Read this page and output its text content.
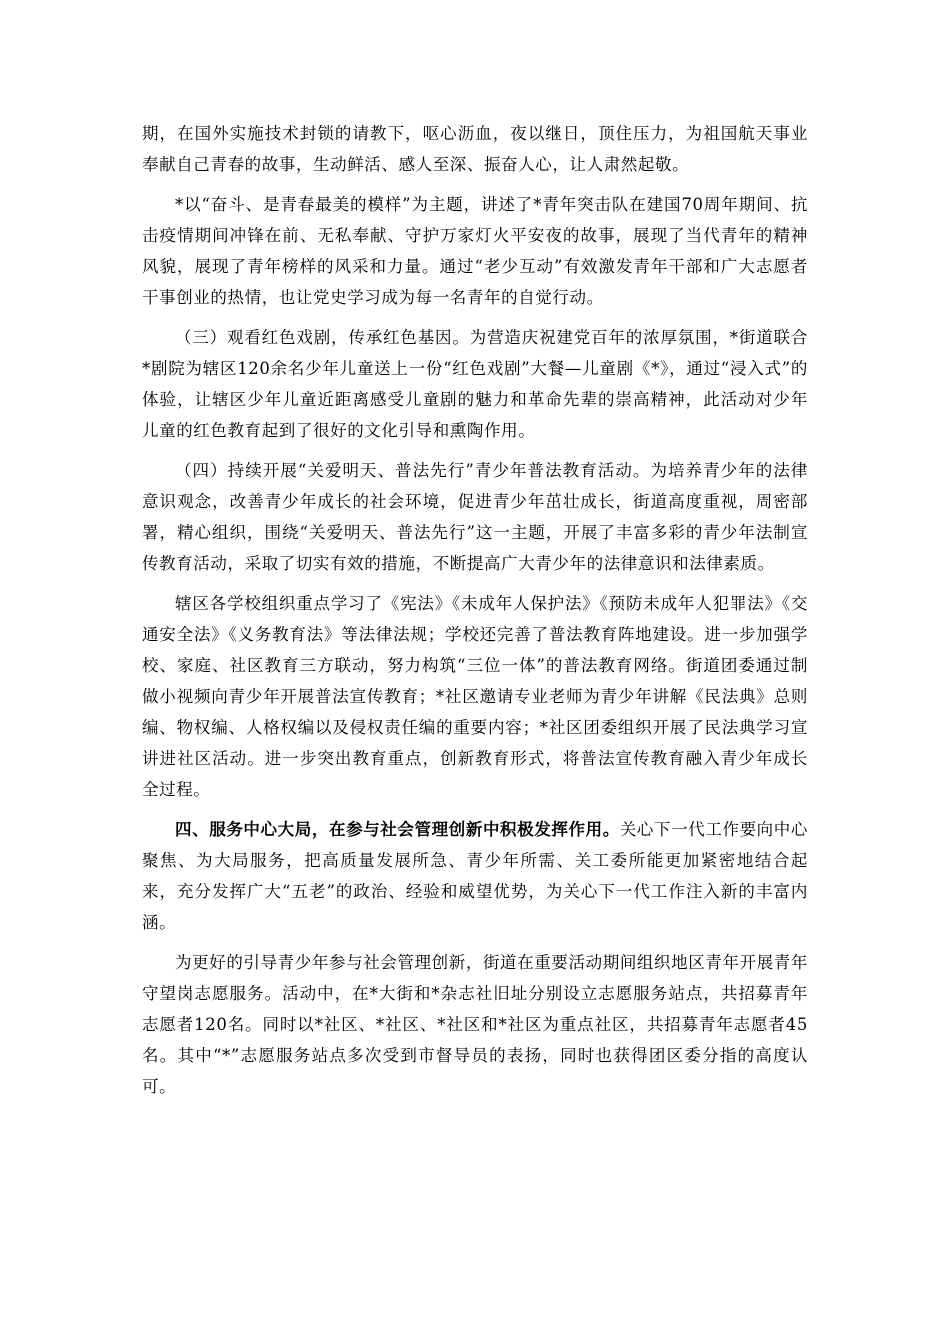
期，在国外实施技术封锁的请教下，呕心沥血，夜以继日，顶住压力，为祖国航天事业奉献自己青春的故事，生动鲜活、感人至深、振奋人心，让人肃然起敬。

*以“奋斗、是青春最美的模样”为主题，讲述了*青年突击队在建国70周年期间、抗击疫情期间冲锋在前、无私奉献、守护万家灯火平安夜的故事，展现了当代青年的精神风貌，展现了青年榜样的风采和力量。通过“老少互动”有效激发青年干部和广大志愿者干事创业的热情，也让党史学习成为每一名青年的自觉行动。

（三）观看红色戏剧，传承红色基因。为营造庆祝建党百年的浓厚氛围，*街道联合*剧院为辖区120余名少年儿童送上一份“红色戏剧”大餐—儿童剧《*》，通过“浸入式”的体验，让辖区少年儿童近距离感受儿童剧的魅力和革命先辈的崇高精神，此活动对少年儿童的红色教育起到了很好的文化引导和熏陶作用。

（四）持续开展“关爱明天、普法先行”青少年普法教育活动。为培养青少年的法律意识观念，改善青少年成长的社会环境，促进青少年茁壮成长，街道高度重视，周密部署，精心组织，围绕“关爱明天、普法先行”这一主题，开展了丰富多彩的青少年法制宣传教育活动，采取了切实有效的措施，不断提高广大青少年的法律意识和法律素质。

辖区各学校组织重点学习了《宪法》《未成年人保护法》《预防未成年人犯罪法》《交通安全法》《义务教育法》等法律法规；学校还完善了普法教育阵地建设。进一步加强学校、家庭、社区教育三方联动，努力构筑“三位一体”的普法教育网络。街道团委通过制做小视频向青少年开展普法宣传教育；*社区邀请专业老师为青少年讲解《民法典》总则编、物权编、人格权编以及侵权责任编的重要内容；*社区团委组织开展了民法典学习宣讲进社区活动。进一步突出教育重点，创新教育形式，将普法宣传教育融入青少年成长全过程。

四、服务中心大局，在参与社会管理创新中积极发挥作用。关心下一代工作要向中心聚焦、为大局服务，把高质量发展所急、青少年所需、关工委所能更加紧密地结合起来，充分发挥广大“五老”的政治、经验和威望优势，为关心下一代工作注入新的丰富内涵。

为更好的引导青少年参与社会管理创新，街道在重要活动期间组织地区青年开展青年守望岗志愿服务。活动中，在*大街和*杂志社旧址分别设立志愿服务站点，共招募青年志愿者120名。同时以*社区、*社区、*社区和*社区为重点社区，共招募青年志愿者45名。其中“*”志愿服务站点多次受到市督导员的表扬，同时也获得团区委分指的高度认可。
